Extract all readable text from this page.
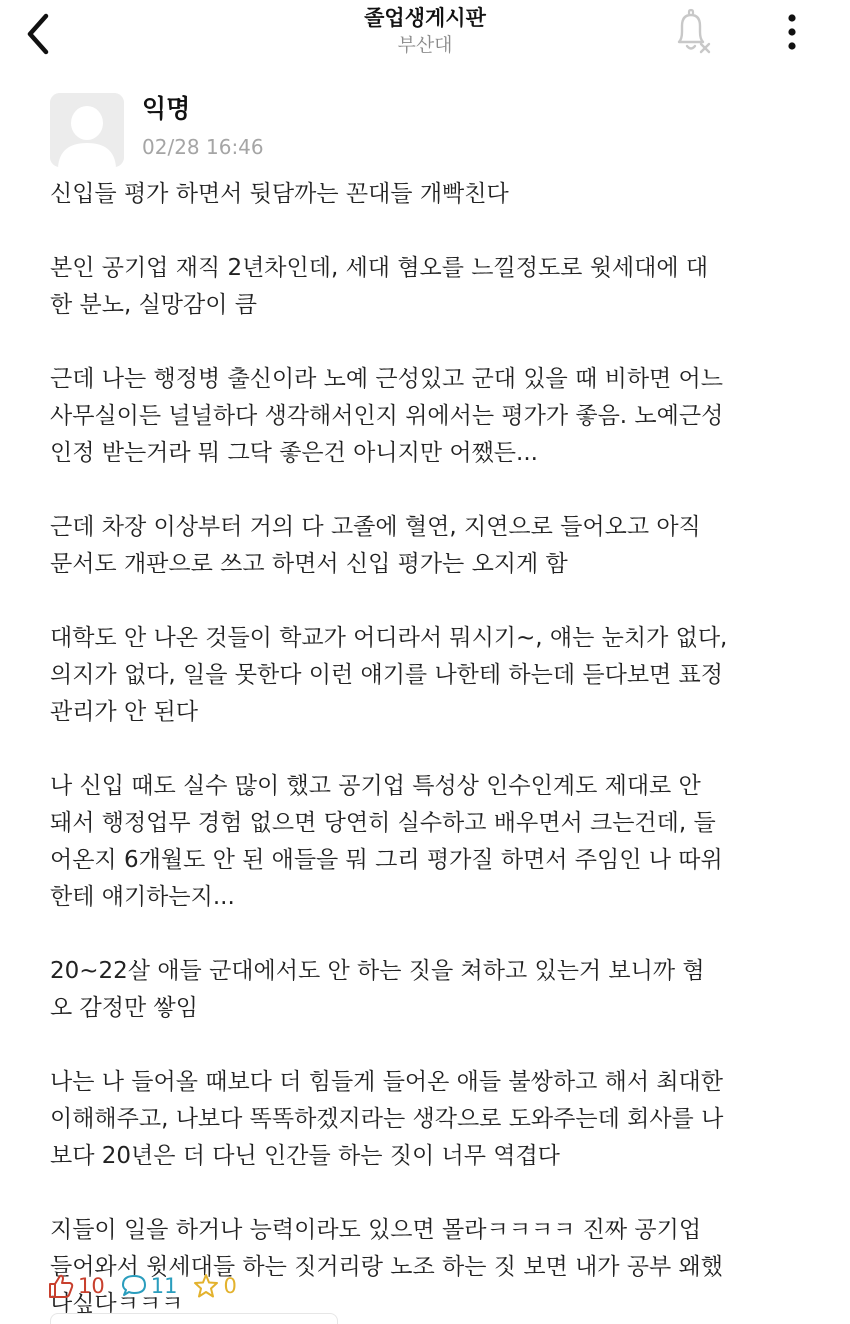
졸업생게시판
부산대
익명
02/28 16:46

신입들 평가 하면서 뒷담까는 꼰대들 개빡친다

본인 공기업 재직 2년차인데, 세대 혐오를 느낄정도로 윗세대에 대
한 분노, 실망감이 큼

근데 나는 행정병 출신이라 노예 근성있고 군대 있을 때 비하면 어느
사무실이든 널널하다 생각해서인지 위에서는 평가가 좋음. 노예근성
인정 받는거라 뭐 그닥 좋은건 아니지만 어쨌든...

근데 차장 이상부터 거의 다 고졸에 혈연, 지연으로 들어오고 아직
문서도 개판으로 쓰고 하면서 신입 평가는 오지게 함

대학도 안 나온 것들이 학교가 어디라서 뭐시기~, 얘는 눈치가 없다,
의지가 없다, 일을 못한다 이런 얘기를 나한테 하는데 듣다보면 표정
관리가 안 된다

나 신입 때도 실수 많이 했고 공기업 특성상 인수인계도 제대로 안
돼서 행정업무 경험 없으면 당연히 실수하고 배우면서 크는건데, 들
어온지 6개월도 안 된 애들을 뭐 그리 평가질 하면서 주임인 나 따위
한테 얘기하는지...

20~22살 애들 군대에서도 안 하는 짓을 쳐하고 있는거 보니까 혐
오 감정만 쌓임

나는 나 들어올 때보다 더 힘들게 들어온 애들 불쌍하고 해서 최대한
이해해주고, 나보다 똑똑하겠지라는 생각으로 도와주는데 회사를 나
보다 20년은 더 다닌 인간들 하는 짓이 너무 역겹다

지들이 일을 하거나 능력이라도 있으면 몰라ㅋㅋㅋㅋ 진짜 공기업
들어와서 윗세대들 하는 짓거리랑 노조 하는 짓 보면 내가 공부 왜했
나싶다ㅋㅋㅋ

10 11 0
